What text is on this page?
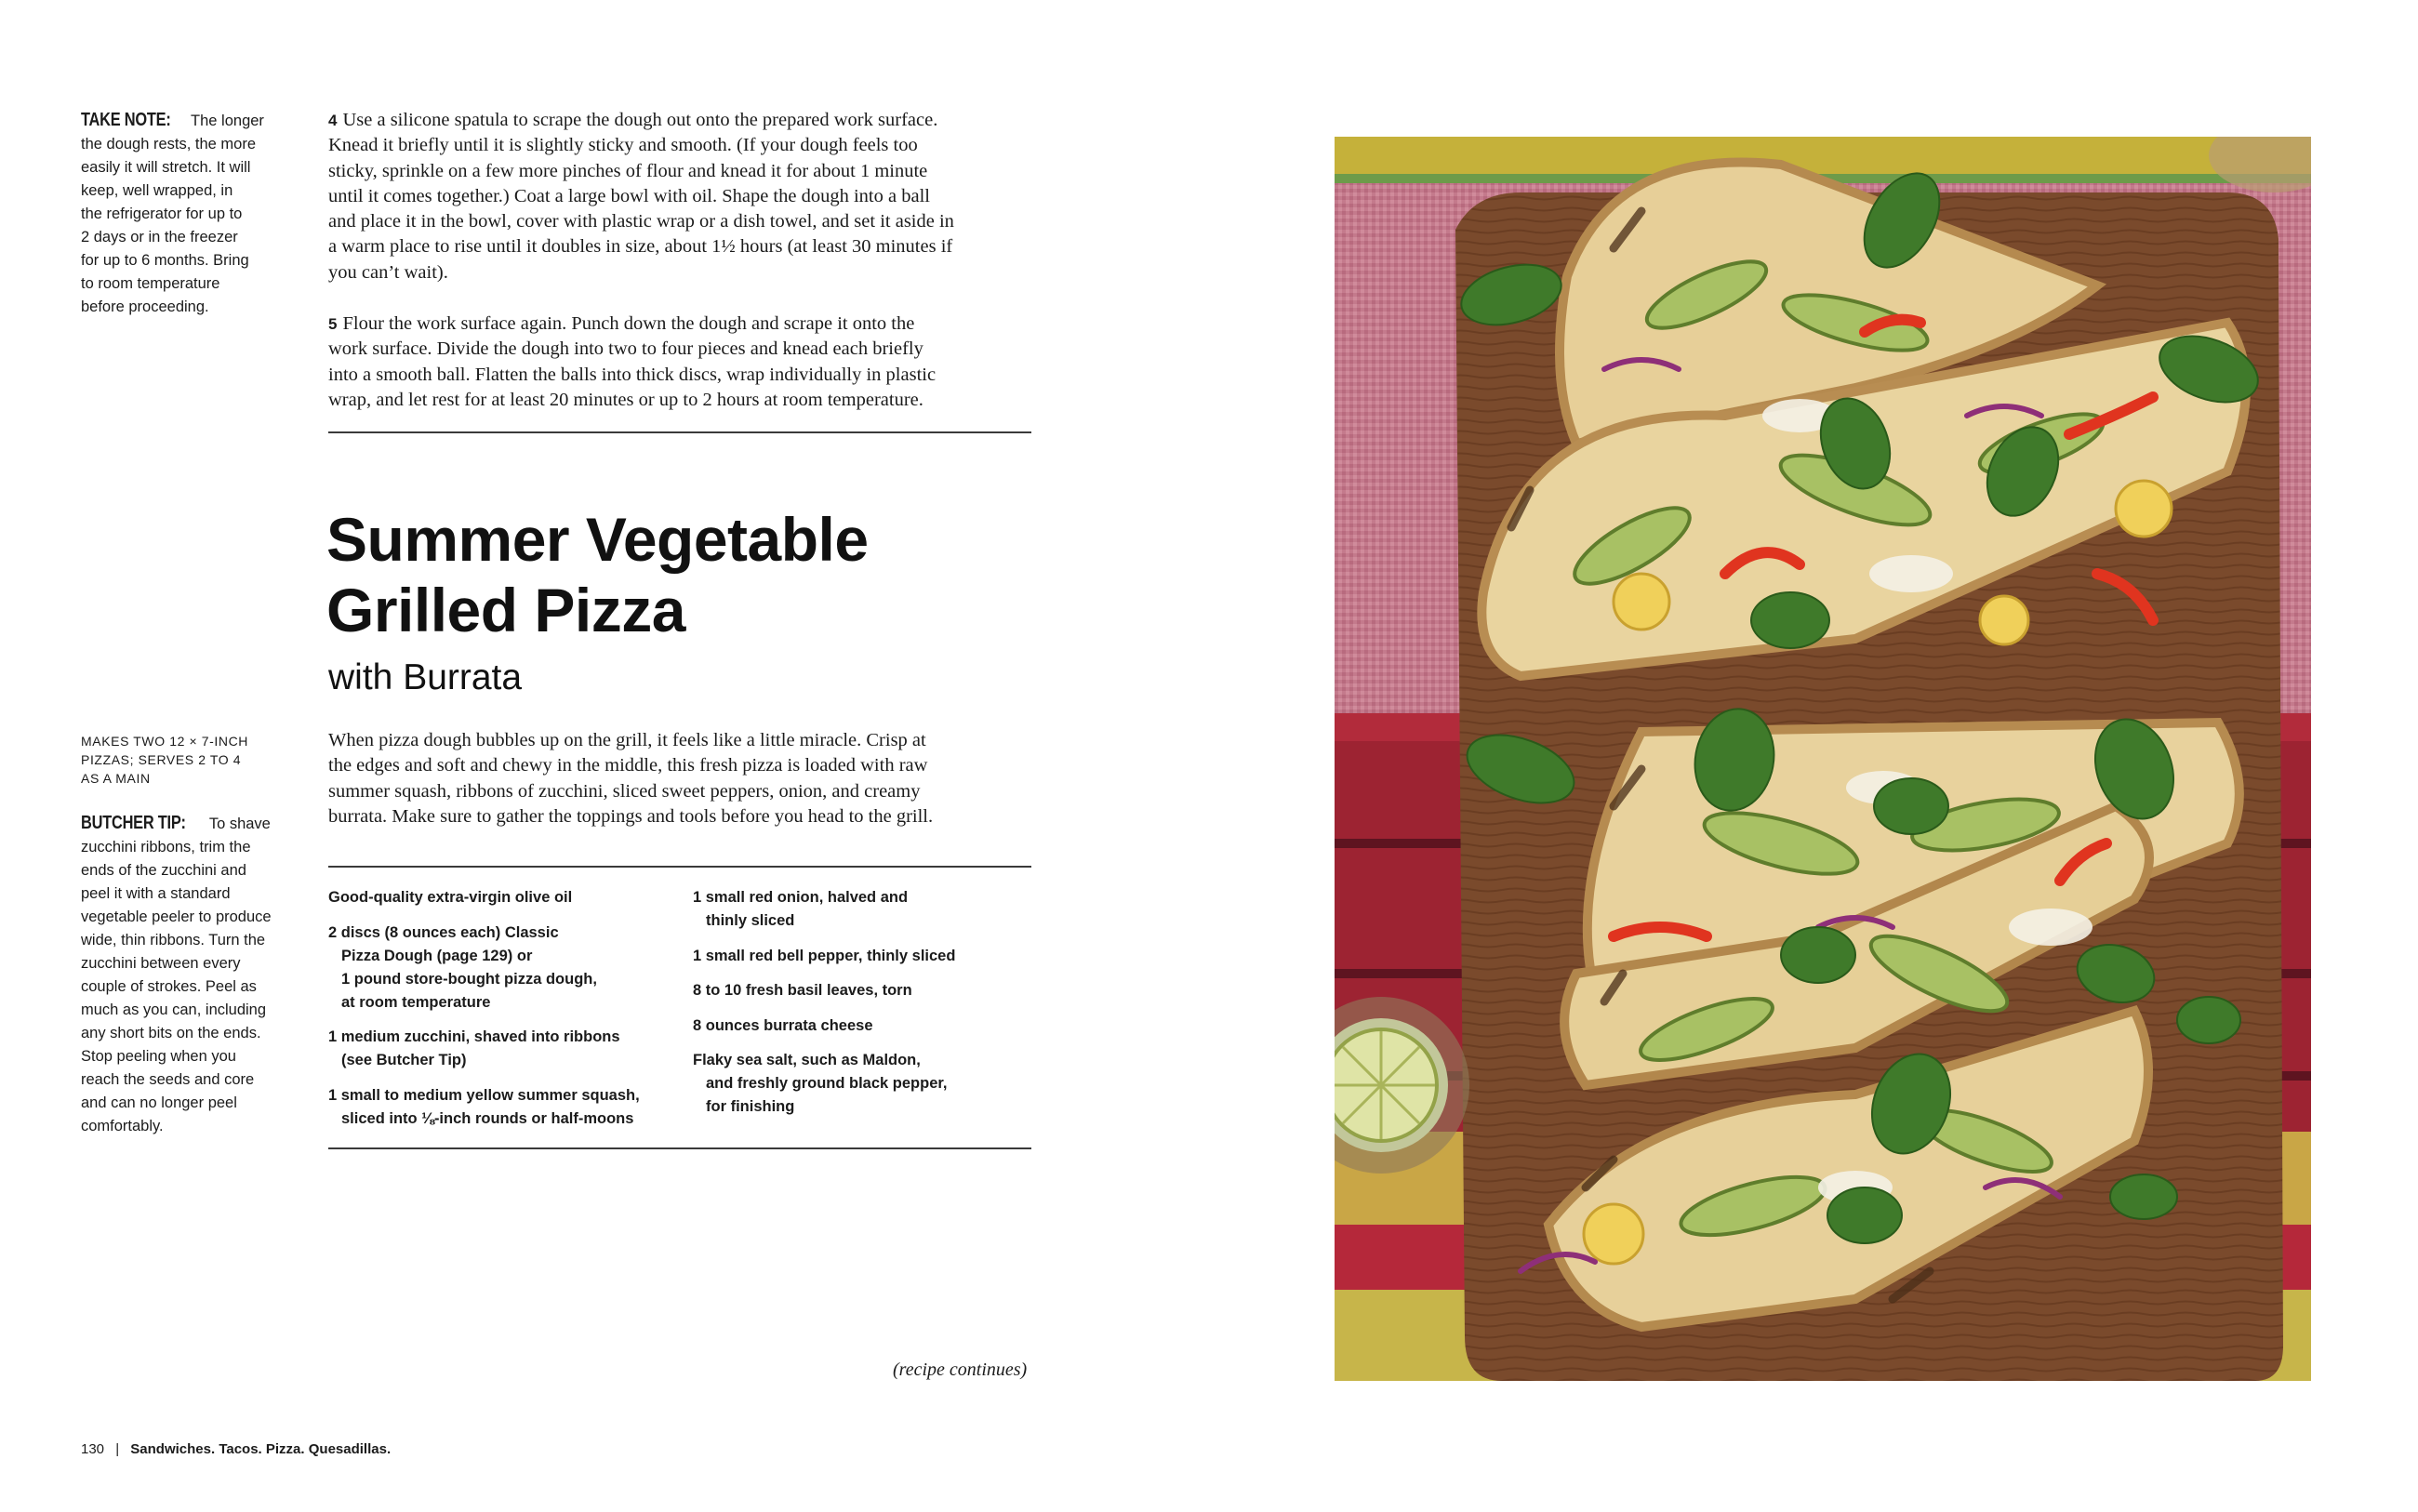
TAKE NOTE: The longer
the dough rests, the more
easily it will stretch. It will
keep, well wrapped, in
the refrigerator for up to
2 days or in the freezer
for up to 6 months. Bring
to room temperature
before proceeding.
4 Use a silicone spatula to scrape the dough out onto the prepared work surface.
Knead it briefly until it is slightly sticky and smooth. (If your dough feels too
sticky, sprinkle on a few more pinches of flour and knead it for about 1 minute
until it comes together.) Coat a large bowl with oil. Shape the dough into a ball
and place it in the bowl, cover with plastic wrap or a dish towel, and set it aside in
a warm place to rise until it doubles in size, about 1½ hours (at least 30 minutes if
you can’t wait).
5 Flour the work surface again. Punch down the dough and scrape it onto the
work surface. Divide the dough into two to four pieces and knead each briefly
into a smooth ball. Flatten the balls into thick discs, wrap individually in plastic
wrap, and let rest for at least 20 minutes or up to 2 hours at room temperature.
Summer Vegetable
Grilled Pizza
with Burrata
MAKES TWO 12 × 7-INCH
PIZZAS; SERVES 2 TO 4
AS A MAIN
BUTCHER TIP: To shave
zucchini ribbons, trim the
ends of the zucchini and
peel it with a standard
vegetable peeler to produce
wide, thin ribbons. Turn the
zucchini between every
couple of strokes. Peel as
much as you can, including
any short bits on the ends.
Stop peeling when you
reach the seeds and core
and can no longer peel
comfortably.
When pizza dough bubbles up on the grill, it feels like a little miracle. Crisp at
the edges and soft and chewy in the middle, this fresh pizza is loaded with raw
summer squash, ribbons of zucchini, sliced sweet peppers, onion, and creamy
burrata. Make sure to gather the toppings and tools before you head to the grill.
Good-quality extra-virgin olive oil
2 discs (8 ounces each) Classic
Pizza Dough (page 129) or
1 pound store-bought pizza dough,
at room temperature
1 medium zucchini, shaved into ribbons
(see Butcher Tip)
1 small to medium yellow summer squash,
sliced into ⅛-inch rounds or half-moons
1 small red onion, halved and
thinly sliced
1 small red bell pepper, thinly sliced
8 to 10 fresh basil leaves, torn
8 ounces burrata cheese
Flaky sea salt, such as Maldon,
and freshly ground black pepper,
for finishing
(recipe continues)
130 | Sandwiches. Tacos. Pizza. Quesadillas.
